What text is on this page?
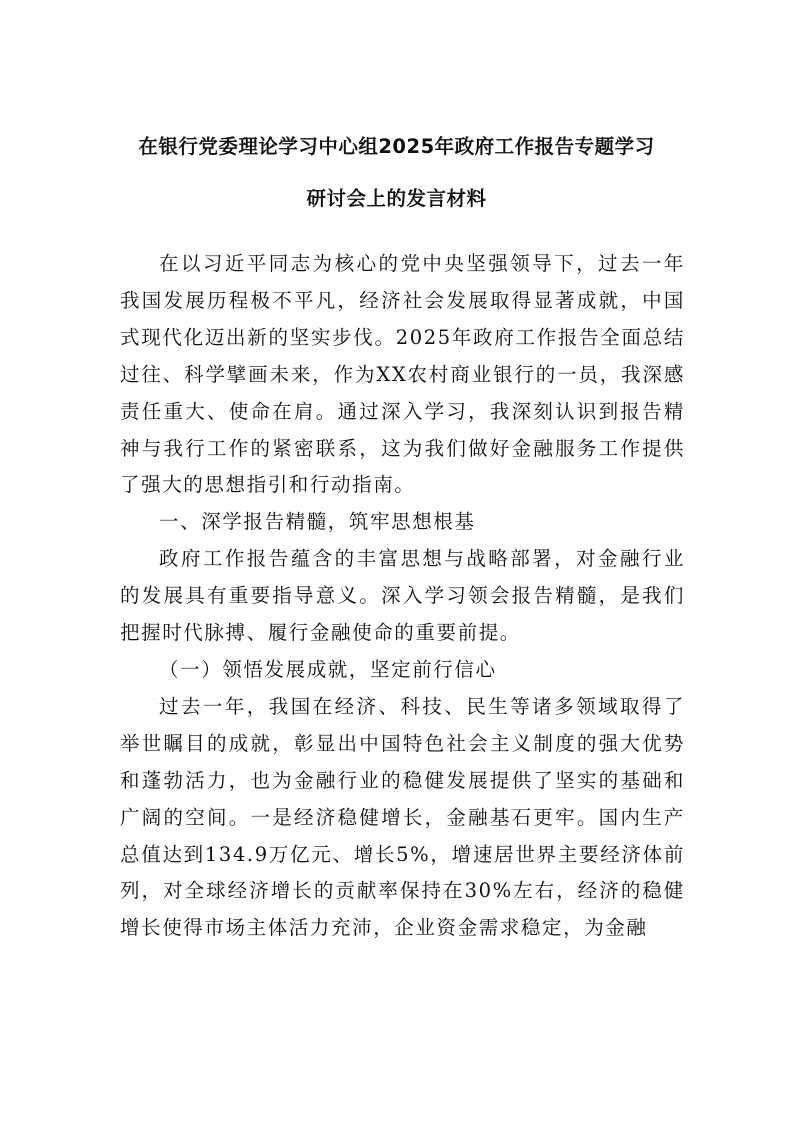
在银行党委理论学习中心组2025年政府工作报告专题学习
研讨会上的发言材料

在以习近平同志为核心的党中央坚强领导下，过去一年我国发展历程极不平凡，经济社会发展取得显著成就，中国式现代化迈出新的坚实步伐。2025年政府工作报告全面总结过往、科学擘画未来，作为XX农村商业银行的一员，我深感责任重大、使命在肩。通过深入学习，我深刻认识到报告精神与我行工作的紧密联系，这为我们做好金融服务工作提供了强大的思想指引和行动指南。

一、深学报告精髓，筑牢思想根基

政府工作报告蕴含的丰富思想与战略部署，对金融行业的发展具有重要指导意义。深入学习领会报告精髓，是我们把握时代脉搏、履行金融使命的重要前提。

（一）领悟发展成就，坚定前行信心

过去一年，我国在经济、科技、民生等诸多领域取得了举世瞩目的成就，彰显出中国特色社会主义制度的强大优势和蓬勃活力，也为金融行业的稳健发展提供了坚实的基础和广阔的空间。一是经济稳健增长，金融基石更牢。国内生产总值达到134.9万亿元、增长5%，增速居世界主要经济体前列，对全球经济增长的贡献率保持在30%左右，经济的稳健增长使得市场主体活力充沛，企业资金需求稳定，为金融
